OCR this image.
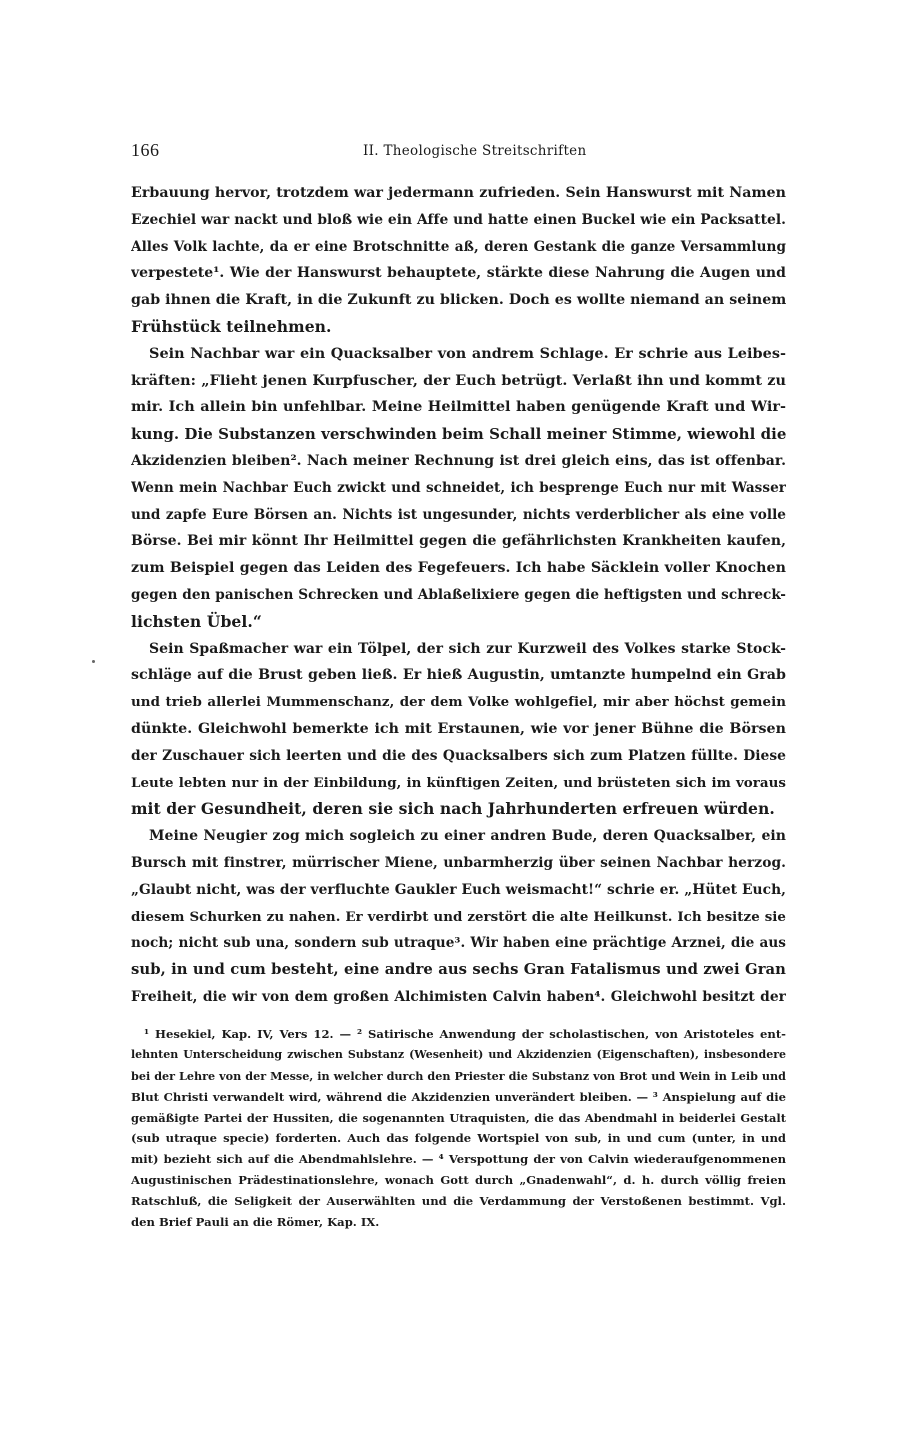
166	II. Theologische Streitschriften
Erbauung hervor, trotzdem war jedermann zufrieden. Sein Hanswurst mit Namen
Ezechiel war nackt und bloß wie ein Affe und hatte einen Buckel wie ein Packsattel.
Alles Volk lachte, da er eine Brotschnitte aß, deren Gestank die ganze Versammlung
verpestete¹. Wie der Hanswurst behauptete, stärkte diese Nahrung die Augen und
gab ihnen die Kraft, in die Zukunft zu blicken. Doch es wollte niemand an seinem
Frühstück teilnehmen.
Sein Nachbar war ein Quacksalber von andrem Schlage. Er schrie aus Leibes-
kräften: „Flieht jenen Kurpfuscher, der Euch betrügt. Verlaßt ihn und kommt zu
mir. Ich allein bin unfehlbar. Meine Heilmittel haben genügende Kraft und Wir-
kung. Die Substanzen verschwinden beim Schall meiner Stimme, wiewohl die
Akzidenzien bleiben². Nach meiner Rechnung ist drei gleich eins, das ist offenbar.
Wenn mein Nachbar Euch zwickt und schneidet, ich besprenge Euch nur mit Wasser
und zapfe Eure Börsen an. Nichts ist ungesunder, nichts verderblicher als eine volle
Börse. Bei mir könnt Ihr Heilmittel gegen die gefährlichsten Krankheiten kaufen,
zum Beispiel gegen das Leiden des Fegefeuers. Ich habe Säcklein voller Knochen
gegen den panischen Schrecken und Ablaßelixiere gegen die heftigsten und schreck-
lichsten Übel.“
Sein Spaßmacher war ein Tölpel, der sich zur Kurzweil des Volkes starke Stock-
schläge auf die Brust geben ließ. Er hieß Augustin, umtanzte humpelnd ein Grab
und trieb allerlei Mummenschanz, der dem Volke wohlgefiel, mir aber höchst gemein
dünkte. Gleichwohl bemerkte ich mit Erstaunen, wie vor jener Bühne die Börsen
der Zuschauer sich leerten und die des Quacksalbers sich zum Platzen füllte. Diese
Leute lebten nur in der Einbildung, in künftigen Zeiten, und brüsteten sich im voraus
mit der Gesundheit, deren sie sich nach Jahrhunderten erfreuen würden.
Meine Neugier zog mich sogleich zu einer andren Bude, deren Quacksalber, ein
Bursch mit finstrer, mürrischer Miene, unbarmherzig über seinen Nachbar herzog.
„Glaubt nicht, was der verfluchte Gaukler Euch weismacht!“ schrie er. „Hütet Euch,
diesem Schurken zu nahen. Er verdirbt und zerstört die alte Heilkunst. Ich besitze sie
noch; nicht sub una, sondern sub utraque³. Wir haben eine prächtige Arznei, die aus
sub, in und cum besteht, eine andre aus sechs Gran Fatalismus und zwei Gran
Freiheit, die wir von dem großen Alchimisten Calvin haben⁴. Gleichwohl besitzt der
¹ Hesekiel, Kap. IV, Vers 12. — ² Satirische Anwendung der scholastischen, von Aristoteles ent-
lehnten Unterscheidung zwischen Substanz (Wesenheit) und Akzidenzien (Eigenschaften), insbesondere
bei der Lehre von der Messe, in welcher durch den Priester die Substanz von Brot und Wein in Leib und
Blut Christi verwandelt wird, während die Akzidenzien unverändert bleiben. — ³ Anspielung auf die
gemäßigte Partei der Hussiten, die sogenannten Utraquisten, die das Abendmahl in beiderlei Gestalt
(sub utraque specie) forderten. Auch das folgende Wortspiel von sub, in und cum (unter, in und
mit) bezieht sich auf die Abendmahlslehre. — ⁴ Verspottung der von Calvin wiederaufgenommenen
Augustinischen Prädestinationslehre, wonach Gott durch „Gnadenwahl“, d. h. durch völlig freien
Ratschluß, die Seligkeit der Auserwählten und die Verdammung der Verstoßenen bestimmt. Vgl.
den Brief Pauli an die Römer, Kap. IX.
